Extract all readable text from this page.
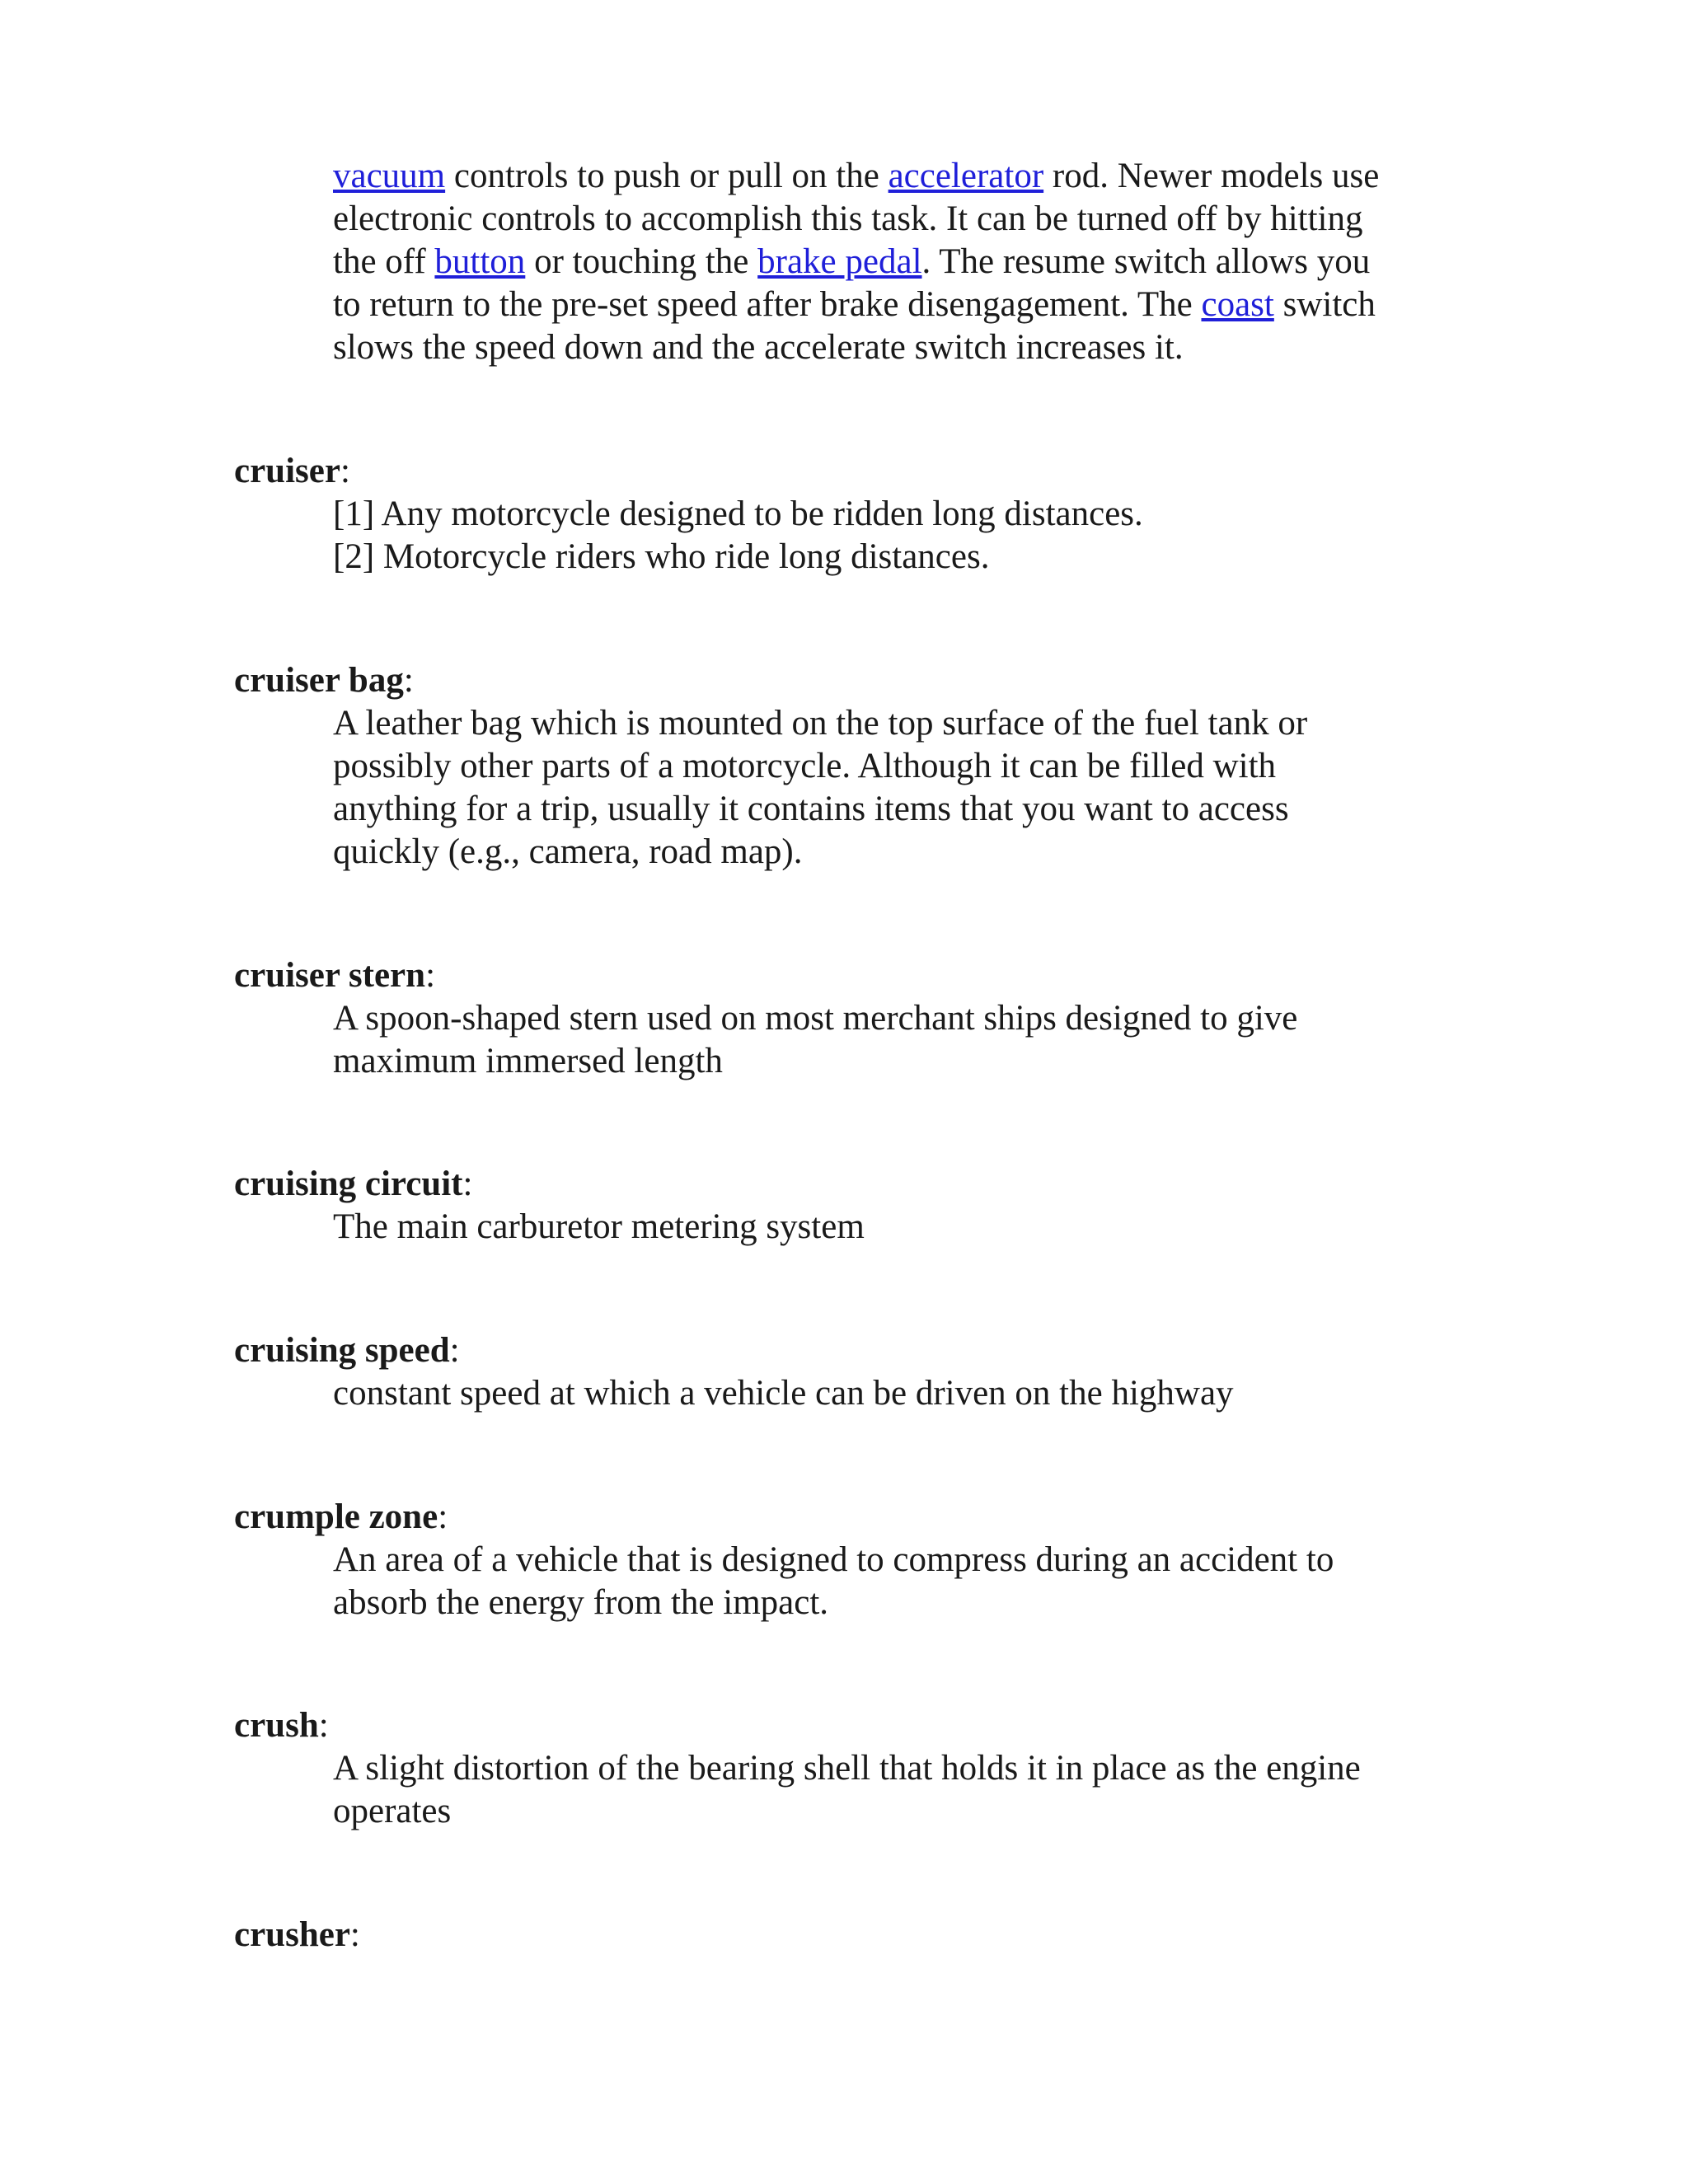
vacuum controls to push or pull on the accelerator rod. Newer models use
electronic controls to accomplish this task. It can be turned off by hitting
the off button or touching the brake pedal. The resume switch allows you
to return to the pre-set speed after brake disengagement. The coast switch
slows the speed down and the accelerate switch increases it.
cruiser:
[1] Any motorcycle designed to be ridden long distances.
[2] Motorcycle riders who ride long distances.
cruiser bag:
A leather bag which is mounted on the top surface of the fuel tank or
possibly other parts of a motorcycle. Although it can be filled with
anything for a trip, usually it contains items that you want to access
quickly (e.g., camera, road map).
cruiser stern:
A spoon-shaped stern used on most merchant ships designed to give
maximum immersed length
cruising circuit:
The main carburetor metering system
cruising speed:
constant speed at which a vehicle can be driven on the highway
crumple zone:
An area of a vehicle that is designed to compress during an accident to
absorb the energy from the impact.
crush:
A slight distortion of the bearing shell that holds it in place as the engine
operates
crusher:
